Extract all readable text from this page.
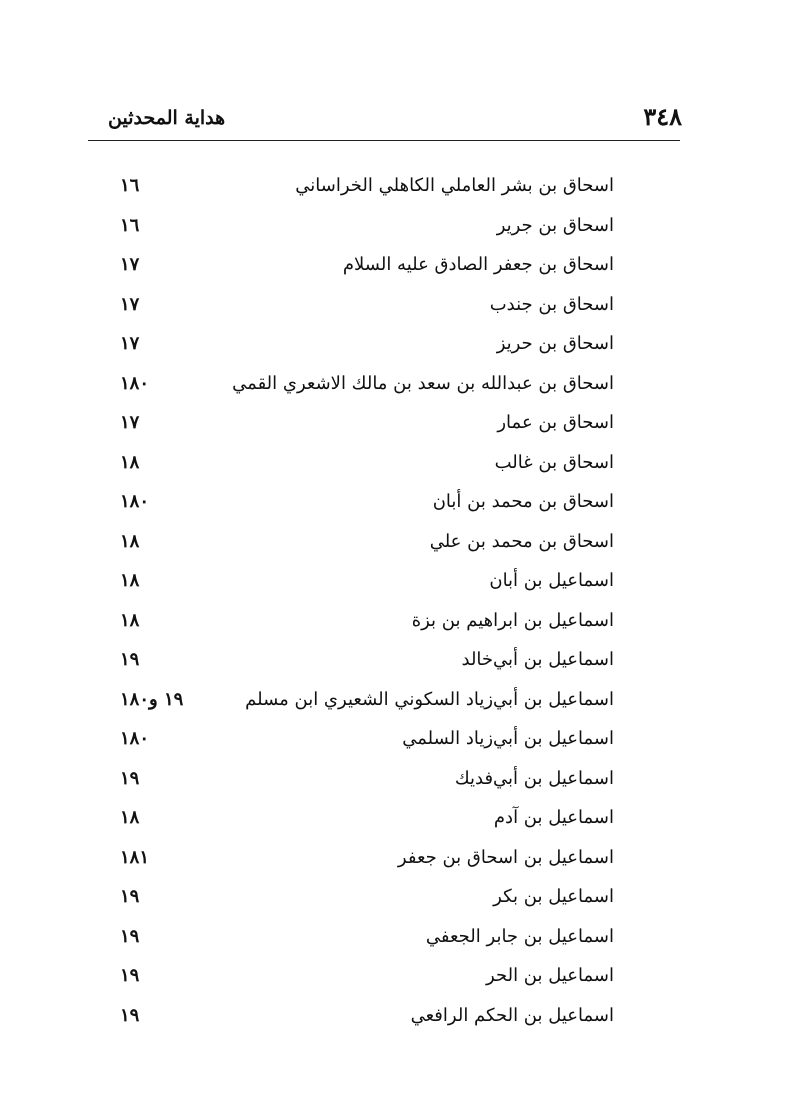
٣٤٨
هداية المحدثين
اسحاق بن بشر العاملي الكاهلي الخراساني
١٦
اسحاق بن جرير
١٦
اسحاق بن جعفر الصادق عليه السلام
١٧
اسحاق بن جندب
١٧
اسحاق بن حريز
١٧
اسحاق بن عبدالله بن سعد بن مالك الاشعري القمي
١٨٠
اسحاق بن عمار
١٧
اسحاق بن غالب
١٨
اسحاق بن محمد بن أبان
١٨٠
اسحاق بن محمد بن علي
١٨
اسماعيل بن أبان
١٨
اسماعيل بن ابراهيم بن بزة
١٨
اسماعيل بن أبي‌خالد
١٩
اسماعيل بن أبي‌زياد السكوني الشعيري ابن مسلم
١٩ و١٨٠
اسماعيل بن أبي‌زياد السلمي
١٨٠
اسماعيل بن أبي‌فديك
١٩
اسماعيل بن آدم
١٨
اسماعيل بن اسحاق بن جعفر
١٨١
اسماعيل بن بكر
١٩
اسماعيل بن جابر الجعفي
١٩
اسماعيل بن الحر
١٩
اسماعيل بن الحكم الرافعي
١٩
